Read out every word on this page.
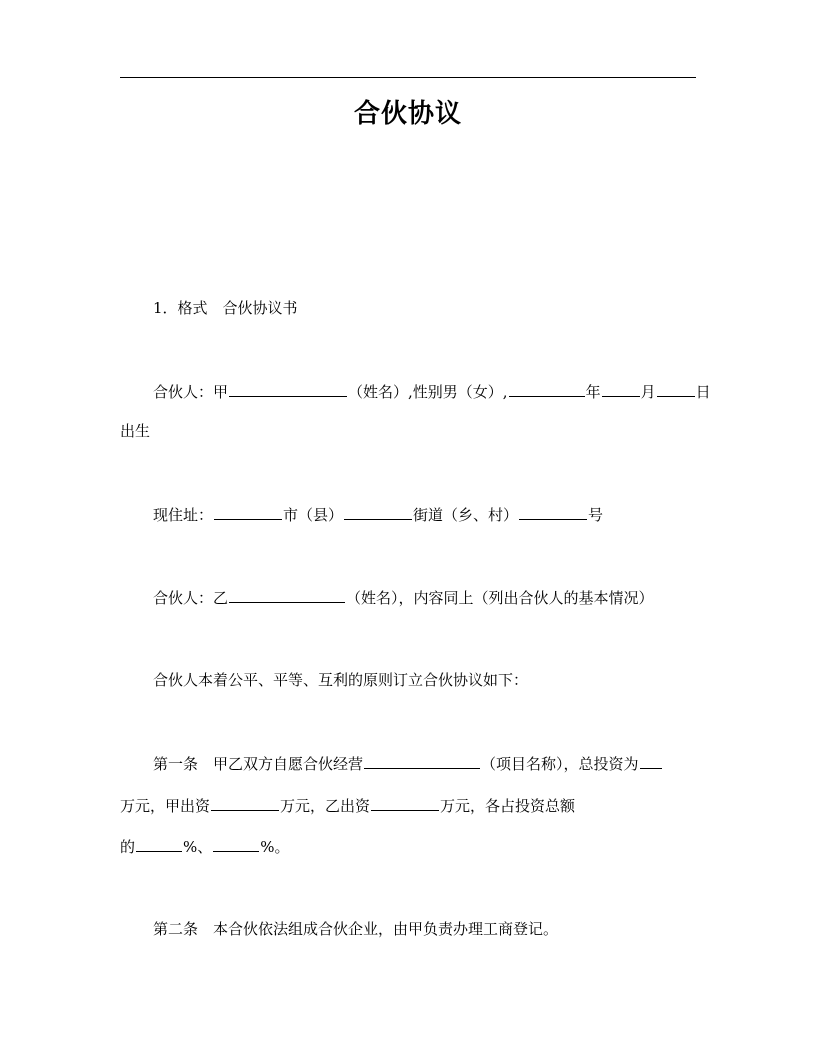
合伙协议
1．格式　合伙协议书
合伙人：甲	（姓名）,性别男（女）,	年	月	日
出生
现住址：	市（县）	街道（乡、村）	号
合伙人：乙	（姓名），内容同上（列出合伙人的基本情况）
合伙人本着公平、平等、互利的原则订立合伙协议如下：
第一条　甲乙双方自愿合伙经营	（项目名称），总投资为
万元，甲出资	万元，乙出资	万元，各占投资总额
的	%、	%。
第二条　本合伙依法组成合伙企业，由甲负责办理工商登记。
